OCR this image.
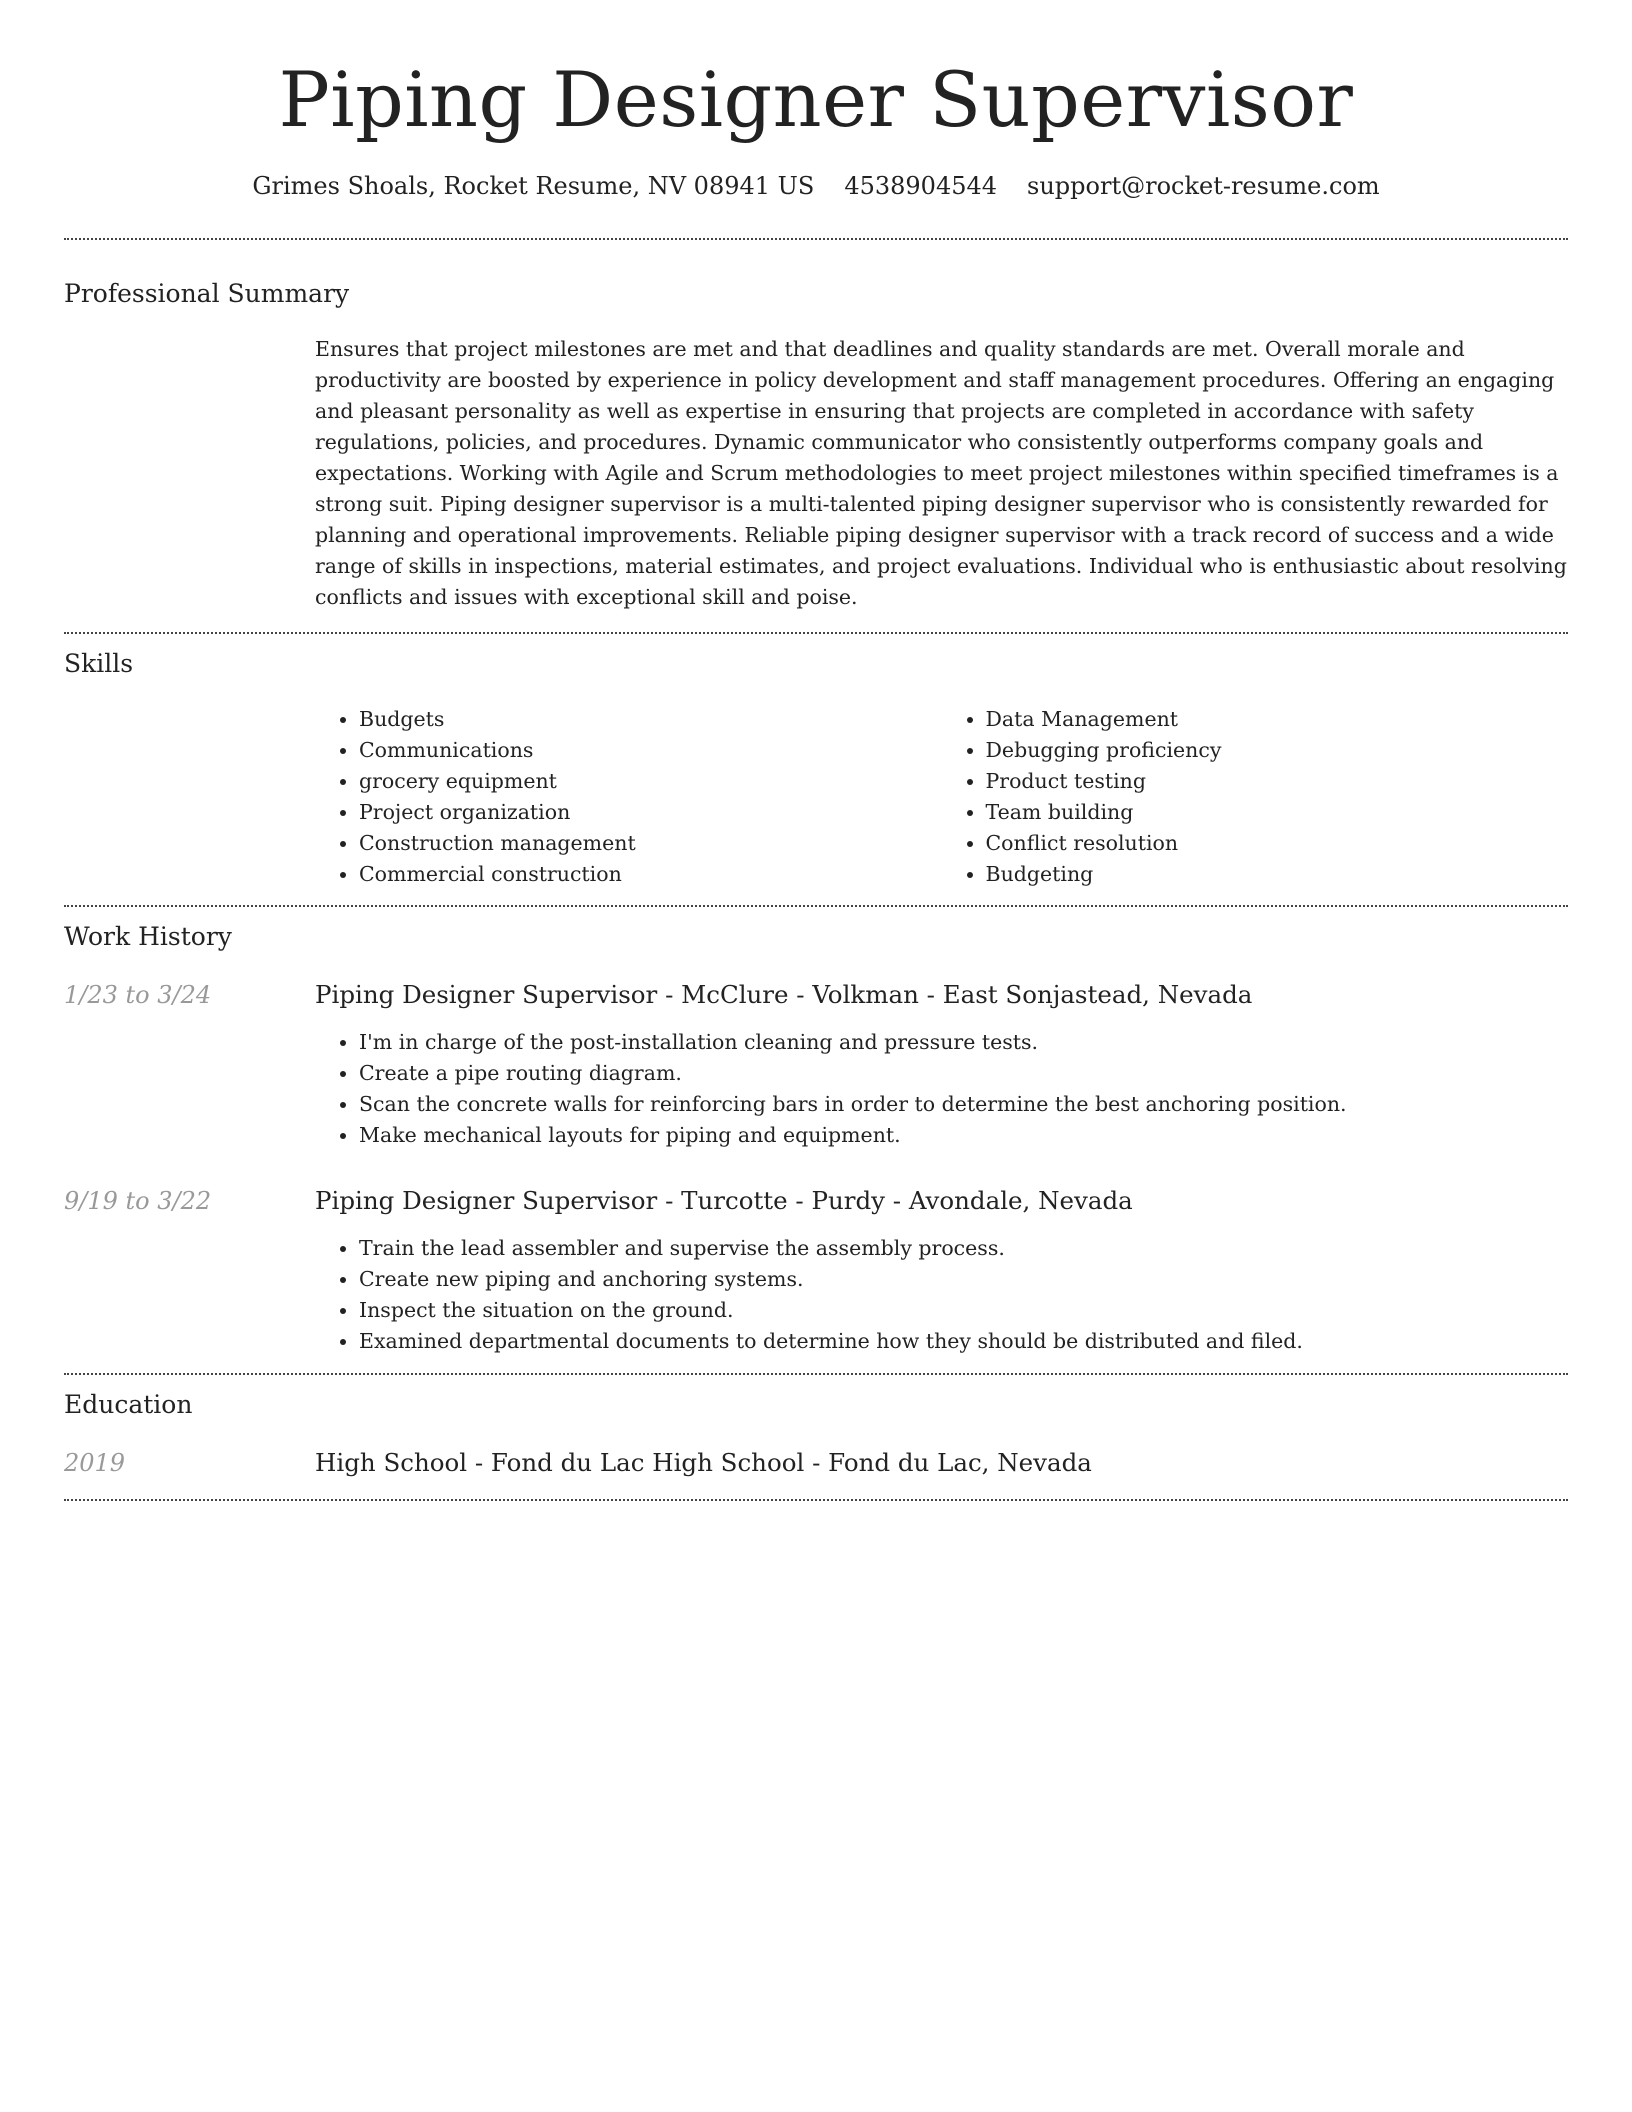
Piping Designer Supervisor
Grimes Shoals, Rocket Resume, NV 08941 US 4538904544 support@rocket-resume.com
Professional Summary

Ensures that project milestones are met and that deadlines and quality standards are met. Overall morale and productivity are boosted by experience in policy development and staff management procedures. Offering an engaging and pleasant personality as well as expertise in ensuring that projects are completed in accordance with safety regulations, policies, and procedures. Dynamic communicator who consistently outperforms company goals and expectations. Working with Agile and Scrum methodologies to meet project milestones within specified timeframes is a strong suit. Piping designer supervisor is a multi-talented piping designer supervisor who is consistently rewarded for planning and operational improvements. Reliable piping designer supervisor with a track record of success and a wide range of skills in inspections, material estimates, and project evaluations. Individual who is enthusiastic about resolving conflicts and issues with exceptional skill and poise.

Skills
• Budgets
• Communications
• grocery equipment
• Project organization
• Construction management
• Commercial construction
• Data Management
• Debugging proficiency
• Product testing
• Team building
• Conflict resolution
• Budgeting
Work History
1/23 to 3/24	Piping Designer Supervisor - McClure - Volkman - East Sonjastead, Nevada
• I'm in charge of the post-installation cleaning and pressure tests.
• Create a pipe routing diagram.
• Scan the concrete walls for reinforcing bars in order to determine the best anchoring position.
• Make mechanical layouts for piping and equipment.
9/19 to 3/22	Piping Designer Supervisor - Turcotte - Purdy - Avondale, Nevada
• Train the lead assembler and supervise the assembly process.
• Create new piping and anchoring systems.
• Inspect the situation on the ground.
• Examined departmental documents to determine how they should be distributed and filed.
Education
2019	High School - Fond du Lac High School - Fond du Lac, Nevada
